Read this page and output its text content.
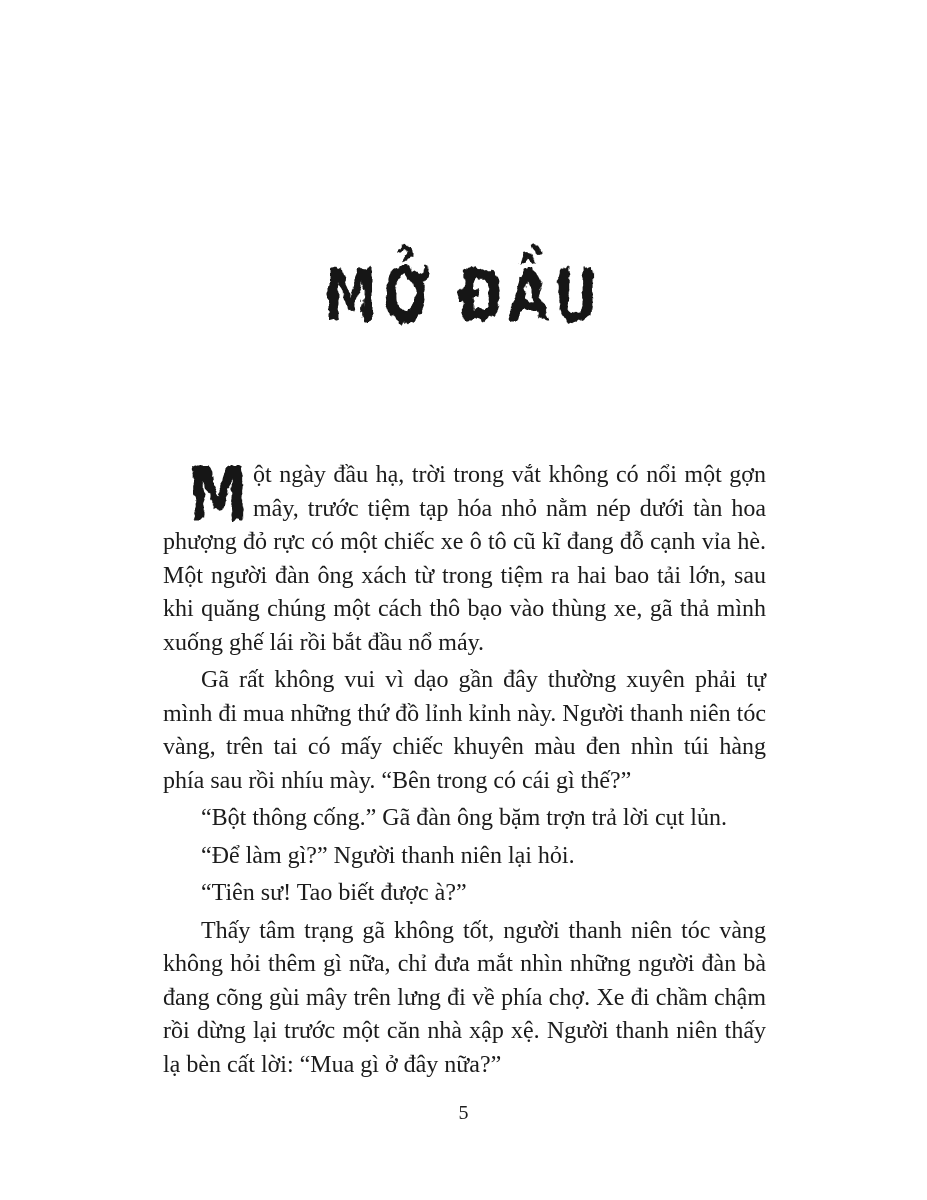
MỞ ĐẦU

M ột ngày đầu hạ, trời trong vắt không có nổi một gợn mây, trước tiệm tạp hóa nhỏ nằm nép dưới tàn hoa phượng đỏ rực có một chiếc xe ô tô cũ kĩ đang đỗ cạnh vỉa hè. Một người đàn ông xách từ trong tiệm ra hai bao tải lớn, sau khi quăng chúng một cách thô bạo vào thùng xe, gã thả mình xuống ghế lái rồi bắt đầu nổ máy.

Gã rất không vui vì dạo gần đây thường xuyên phải tự mình đi mua những thứ đồ lỉnh kỉnh này. Người thanh niên tóc vàng, trên tai có mấy chiếc khuyên màu đen nhìn túi hàng phía sau rồi nhíu mày. “Bên trong có cái gì thế?”

“Bột thông cống.” Gã đàn ông bặm trợn trả lời cụt lủn.

“Để làm gì?” Người thanh niên lại hỏi.

“Tiên sư! Tao biết được à?”

Thấy tâm trạng gã không tốt, người thanh niên tóc vàng không hỏi thêm gì nữa, chỉ đưa mắt nhìn những người đàn bà đang cõng gùi mây trên lưng đi về phía chợ. Xe đi chầm chậm rồi dừng lại trước một căn nhà xập xệ. Người thanh niên thấy lạ bèn cất lời: “Mua gì ở đây nữa?”

5
